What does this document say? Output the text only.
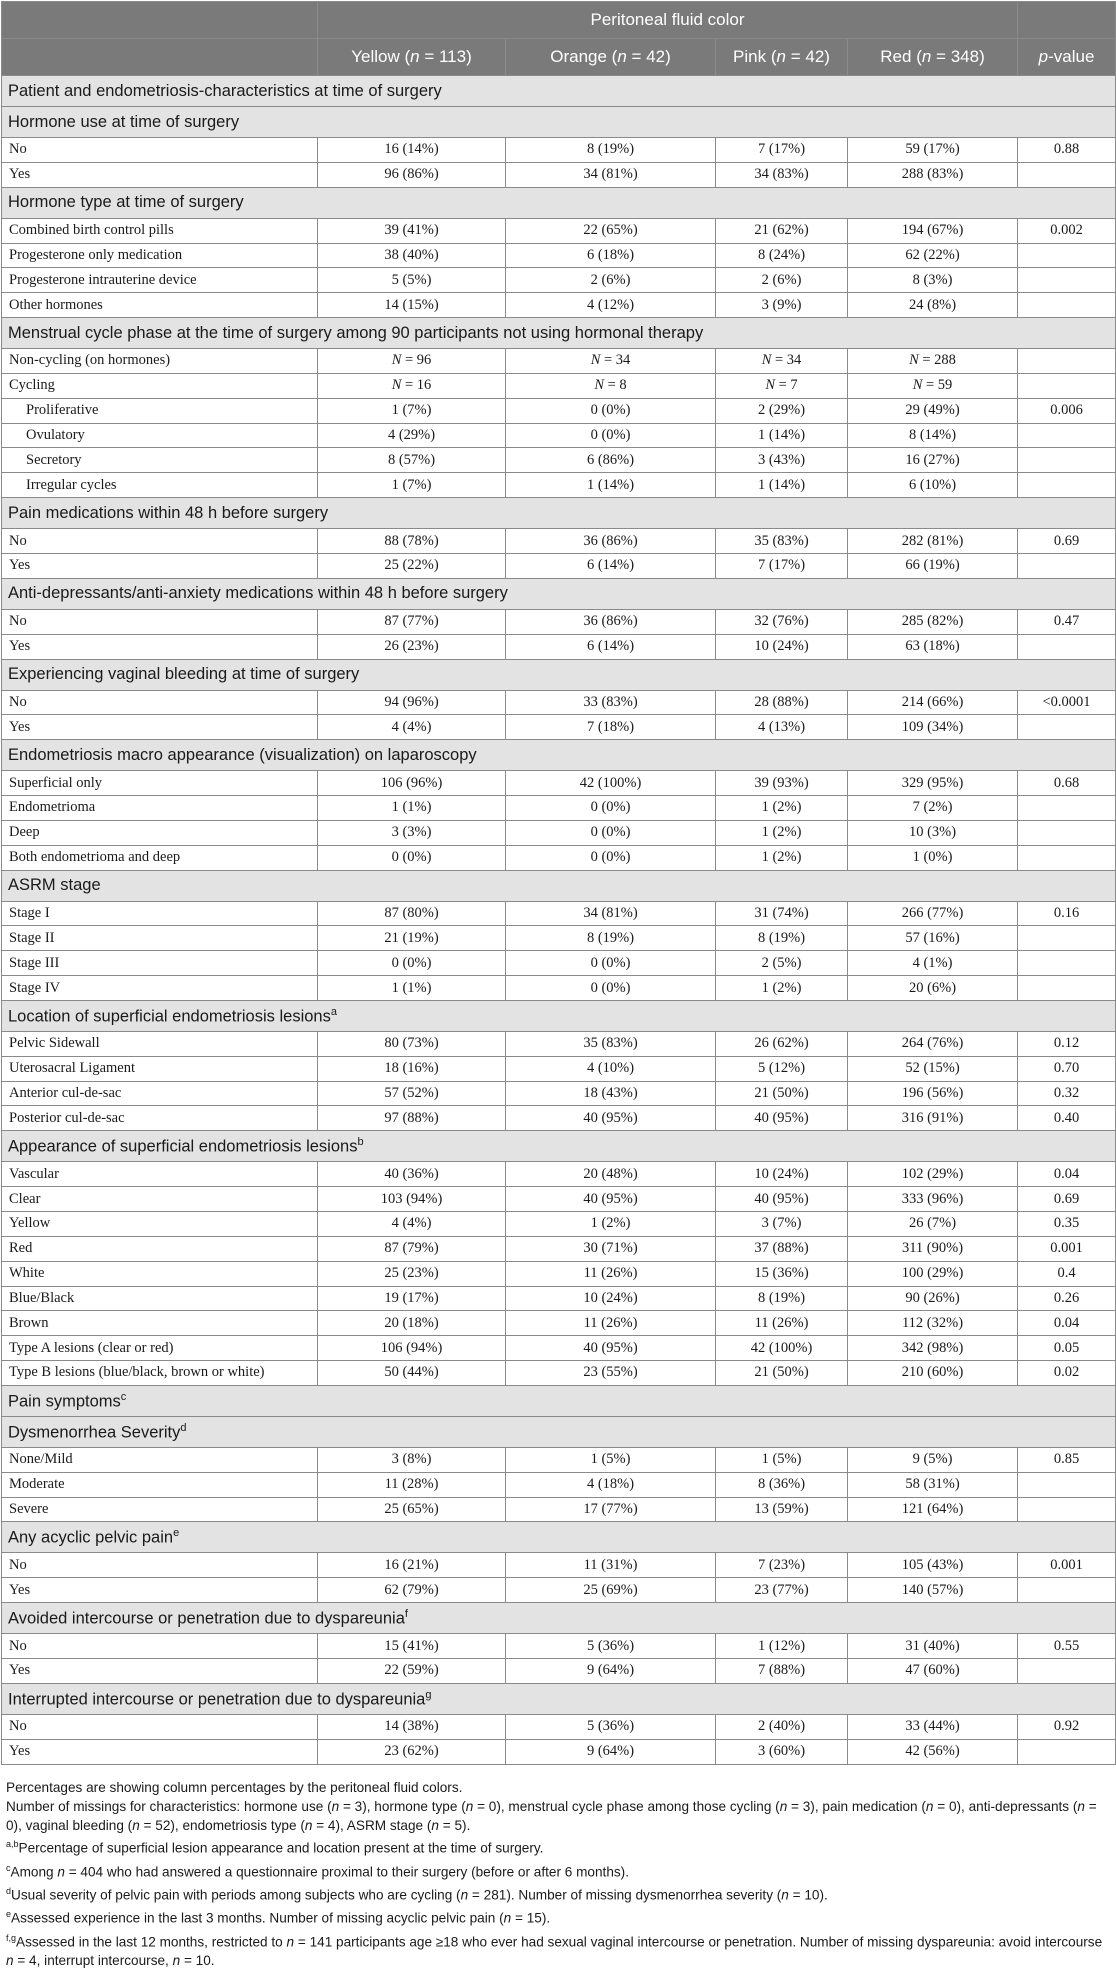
	Peritoneal fluid color				
	Yellow (n = 113)	Orange (n = 42)	Pink (n = 42)	Red (n = 348)	p-value
Patient and endometriosis-characteristics at time of surgery					
Hormone use at time of surgery					
No	16 (14%)	8 (19%)	7 (17%)	59 (17%)	0.88
Yes	96 (86%)	34 (81%)	34 (83%)	288 (83%)	
Hormone type at time of surgery					
Combined birth control pills	39 (41%)	22 (65%)	21 (62%)	194 (67%)	0.002
Progesterone only medication	38 (40%)	6 (18%)	8 (24%)	62 (22%)	
Progesterone intrauterine device	5 (5%)	2 (6%)	2 (6%)	8 (3%)	
Other hormones	14 (15%)	4 (12%)	3 (9%)	24 (8%)	
Menstrual cycle phase at the time of surgery among 90 participants not using hormonal therapy					
Non-cycling (on hormones)	N = 96	N = 34	N = 34	N = 288	
Cycling	N = 16	N = 8	N = 7	N = 59	
Proliferative	1 (7%)	0 (0%)	2 (29%)	29 (49%)	0.006
Ovulatory	4 (29%)	0 (0%)	1 (14%)	8 (14%)	
Secretory	8 (57%)	6 (86%)	3 (43%)	16 (27%)	
Irregular cycles	1 (7%)	1 (14%)	1 (14%)	6 (10%)	
Pain medications within 48 h before surgery					
No	88 (78%)	36 (86%)	35 (83%)	282 (81%)	0.69
Yes	25 (22%)	6 (14%)	7 (17%)	66 (19%)	
Anti-depressants/anti-anxiety medications within 48 h before surgery					
No	87 (77%)	36 (86%)	32 (76%)	285 (82%)	0.47
Yes	26 (23%)	6 (14%)	10 (24%)	63 (18%)	
Experiencing vaginal bleeding at time of surgery					
No	94 (96%)	33 (83%)	28 (88%)	214 (66%)	<0.0001
Yes	4 (4%)	7 (18%)	4 (13%)	109 (34%)	
Endometriosis macro appearance (visualization) on laparoscopy					
Superficial only	106 (96%)	42 (100%)	39 (93%)	329 (95%)	0.68
Endometrioma	1 (1%)	0 (0%)	1 (2%)	7 (2%)	
Deep	3 (3%)	0 (0%)	1 (2%)	10 (3%)	
Both endometrioma and deep	0 (0%)	0 (0%)	1 (2%)	1 (0%)	
ASRM stage					
Stage I	87 (80%)	34 (81%)	31 (74%)	266 (77%)	0.16
Stage II	21 (19%)	8 (19%)	8 (19%)	57 (16%)	
Stage III	0 (0%)	0 (0%)	2 (5%)	4 (1%)	
Stage IV	1 (1%)	0 (0%)	1 (2%)	20 (6%)	
Location of superficial endometriosis lesions$^a$
Pelvic Sidewall	80 (73%)	35 (83%)	26 (62%)	264 (76%)	0.12
Uterosacral Ligament	18 (16%)	4 (10%)	5 (12%)	52 (15%)	0.70
Anterior cul-de-sac	57 (52%)	18 (43%)	21 (50%)	196 (56%)	0.32
Posterior cul-de-sac	97 (88%)	40 (95%)	40 (95%)	316 (91%)	0.40
Appearance of superficial endometriosis lesions$^b$
Vascular	40 (36%)	20 (48%)	10 (24%)	102 (29%)	0.04
Clear	103 (94%)	40 (95%)	40 (95%)	333 (96%)	0.69
Yellow	4 (4%)	1 (2%)	3 (7%)	26 (7%)	0.35
Red	87 (79%)	30 (71%)	37 (88%)	311 (90%)	0.001
White	25 (23%)	11 (26%)	15 (36%)	100 (29%)	0.4
Blue/Black	19 (17%)	10 (24%)	8 (19%)	90 (26%)	0.26
Brown	20 (18%)	11 (26%)	11 (26%)	112 (32%)	0.04
Type A lesions (clear or red)	106 (94%)	40 (95%)	42 (100%)	342 (98%)	0.05
Type B lesions (blue/black, brown or white)	50 (44%)	23 (55%)	21 (50%)	210 (60%)	0.02
Pain symptoms$^c$
Dysmenorrhea Severity$^d$
None/Mild	3 (8%)	1 (5%)	1 (5%)	9 (5%)	0.85
Moderate	11 (28%)	4 (18%)	8 (36%)	58 (31%)	
Severe	25 (65%)	17 (77%)	13 (59%)	121 (64%)	
Any acyclic pelvic pain$^e$
No	16 (21%)	11 (31%)	7 (23%)	105 (43%)	0.001
Yes	62 (79%)	25 (69%)	23 (77%)	140 (57%)	
Avoided intercourse or penetration due to dyspareunia$^f$
No	15 (41%)	5 (36%)	1 (12%)	31 (40%)	0.55
Yes	22 (59%)	9 (64%)	7 (88%)	47 (60%)	
Interrupted intercourse or penetration due to dyspareunia$^g$
No	14 (38%)	5 (36%)	2 (40%)	33 (44%)	0.92
Yes	23 (62%)	9 (64%)	3 (60%)	42 (56%)	

Percentages are showing column percentages by the peritoneal fluid colors.

Number of missings for characteristics: hormone use (n = 3), hormone type (n = 0), menstrual cycle phase among those cycling (n = 3), pain medication (n = 0), anti-depressants (n = 0), vaginal bleeding (n = 52), endometriosis type (n = 4), ASRM stage (n = 5).

$^{a,b}$Percentage of superficial lesion appearance and location present at the time of surgery.

$^c$Among n = 404 who had answered a questionnaire proximal to their surgery (before or after 6 months).

$^d$Usual severity of pelvic pain with periods among subjects who are cycling (n = 281). Number of missing dysmenorrhea severity (n = 10).

$^e$Assessed experience in the last 3 months. Number of missing acyclic pelvic pain (n = 15).

$^{f,g}$Assessed in the last 12 months, restricted to n = 141 participants age ≥18 who ever had sexual vaginal intercourse or penetration. Number of missing dyspareunia: avoid intercourse n = 4, interrupt intercourse, n = 10.
